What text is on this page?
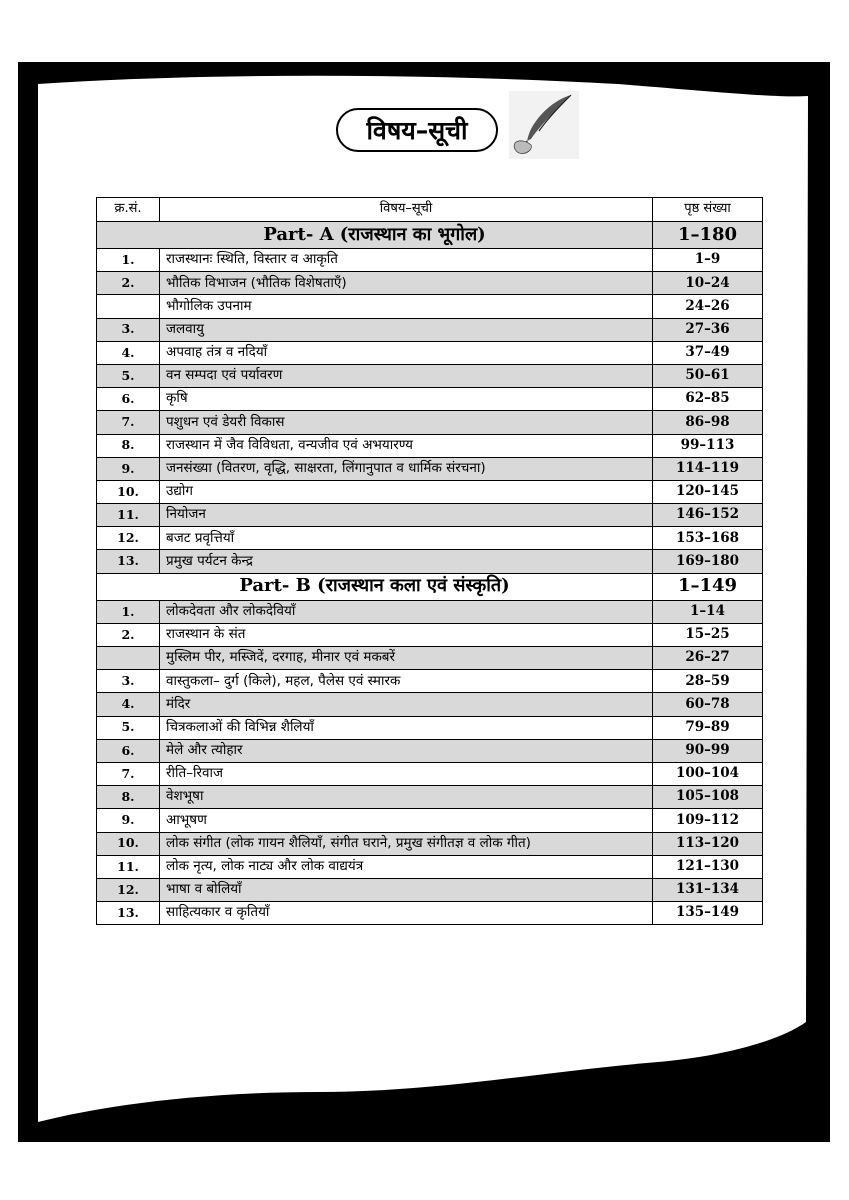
विषय–सूची
क्र.सं.	विषय–सूची	पृष्ठ संख्या
Part- A (राजस्थान का भूगोल)		1–180
1.	राजस्थानः स्थिति, विस्तार व आकृति	1–9
2.	भौतिक विभाजन (भौतिक विशेषताएँ)	10–24
	भौगोलिक उपनाम	24–26
3.	जलवायु	27–36
4.	अपवाह तंत्र व नदियाँ	37–49
5.	वन सम्पदा एवं पर्यावरण	50–61
6.	कृषि	62–85
7.	पशुधन एवं डेयरी विकास	86–98
8.	राजस्थान में जैव विविधता, वन्यजीव एवं अभयारण्य	99–113
9.	जनसंख्या (वितरण, वृद्धि, साक्षरता, लिंगानुपात व धार्मिक संरचना)	114–119
10.	उद्योग	120–145
11.	नियोजन	146–152
12.	बजट प्रवृत्तियाँ	153–168
13.	प्रमुख पर्यटन केन्द्र	169–180
Part- B (राजस्थान कला एवं संस्कृति)		1–149
1.	लोकदेवता और लोकदेवियाँ	1–14
2.	राजस्थान के संत	15–25
	मुस्लिम पीर, मस्जिदें, दरगाह, मीनार एवं मकबरें	26–27
3.	वास्तुकला– दुर्ग (किले), महल, पैलेस एवं स्मारक	28–59
4.	मंदिर	60–78
5.	चित्रकलाओं की विभिन्न शैलियाँ	79–89
6.	मेले और त्योहार	90–99
7.	रीति–रिवाज	100–104
8.	वेशभूषा	105–108
9.	आभूषण	109–112
10.	लोक संगीत (लोक गायन शैलियाँ, संगीत घराने, प्रमुख संगीतज्ञ व लोक गीत)	113–120
11.	लोक नृत्य, लोक नाट्य और लोक वाद्ययंत्र	121–130
12.	भाषा व बोलियाँ	131–134
13.	साहित्यकार व कृतियाँ	135–149
